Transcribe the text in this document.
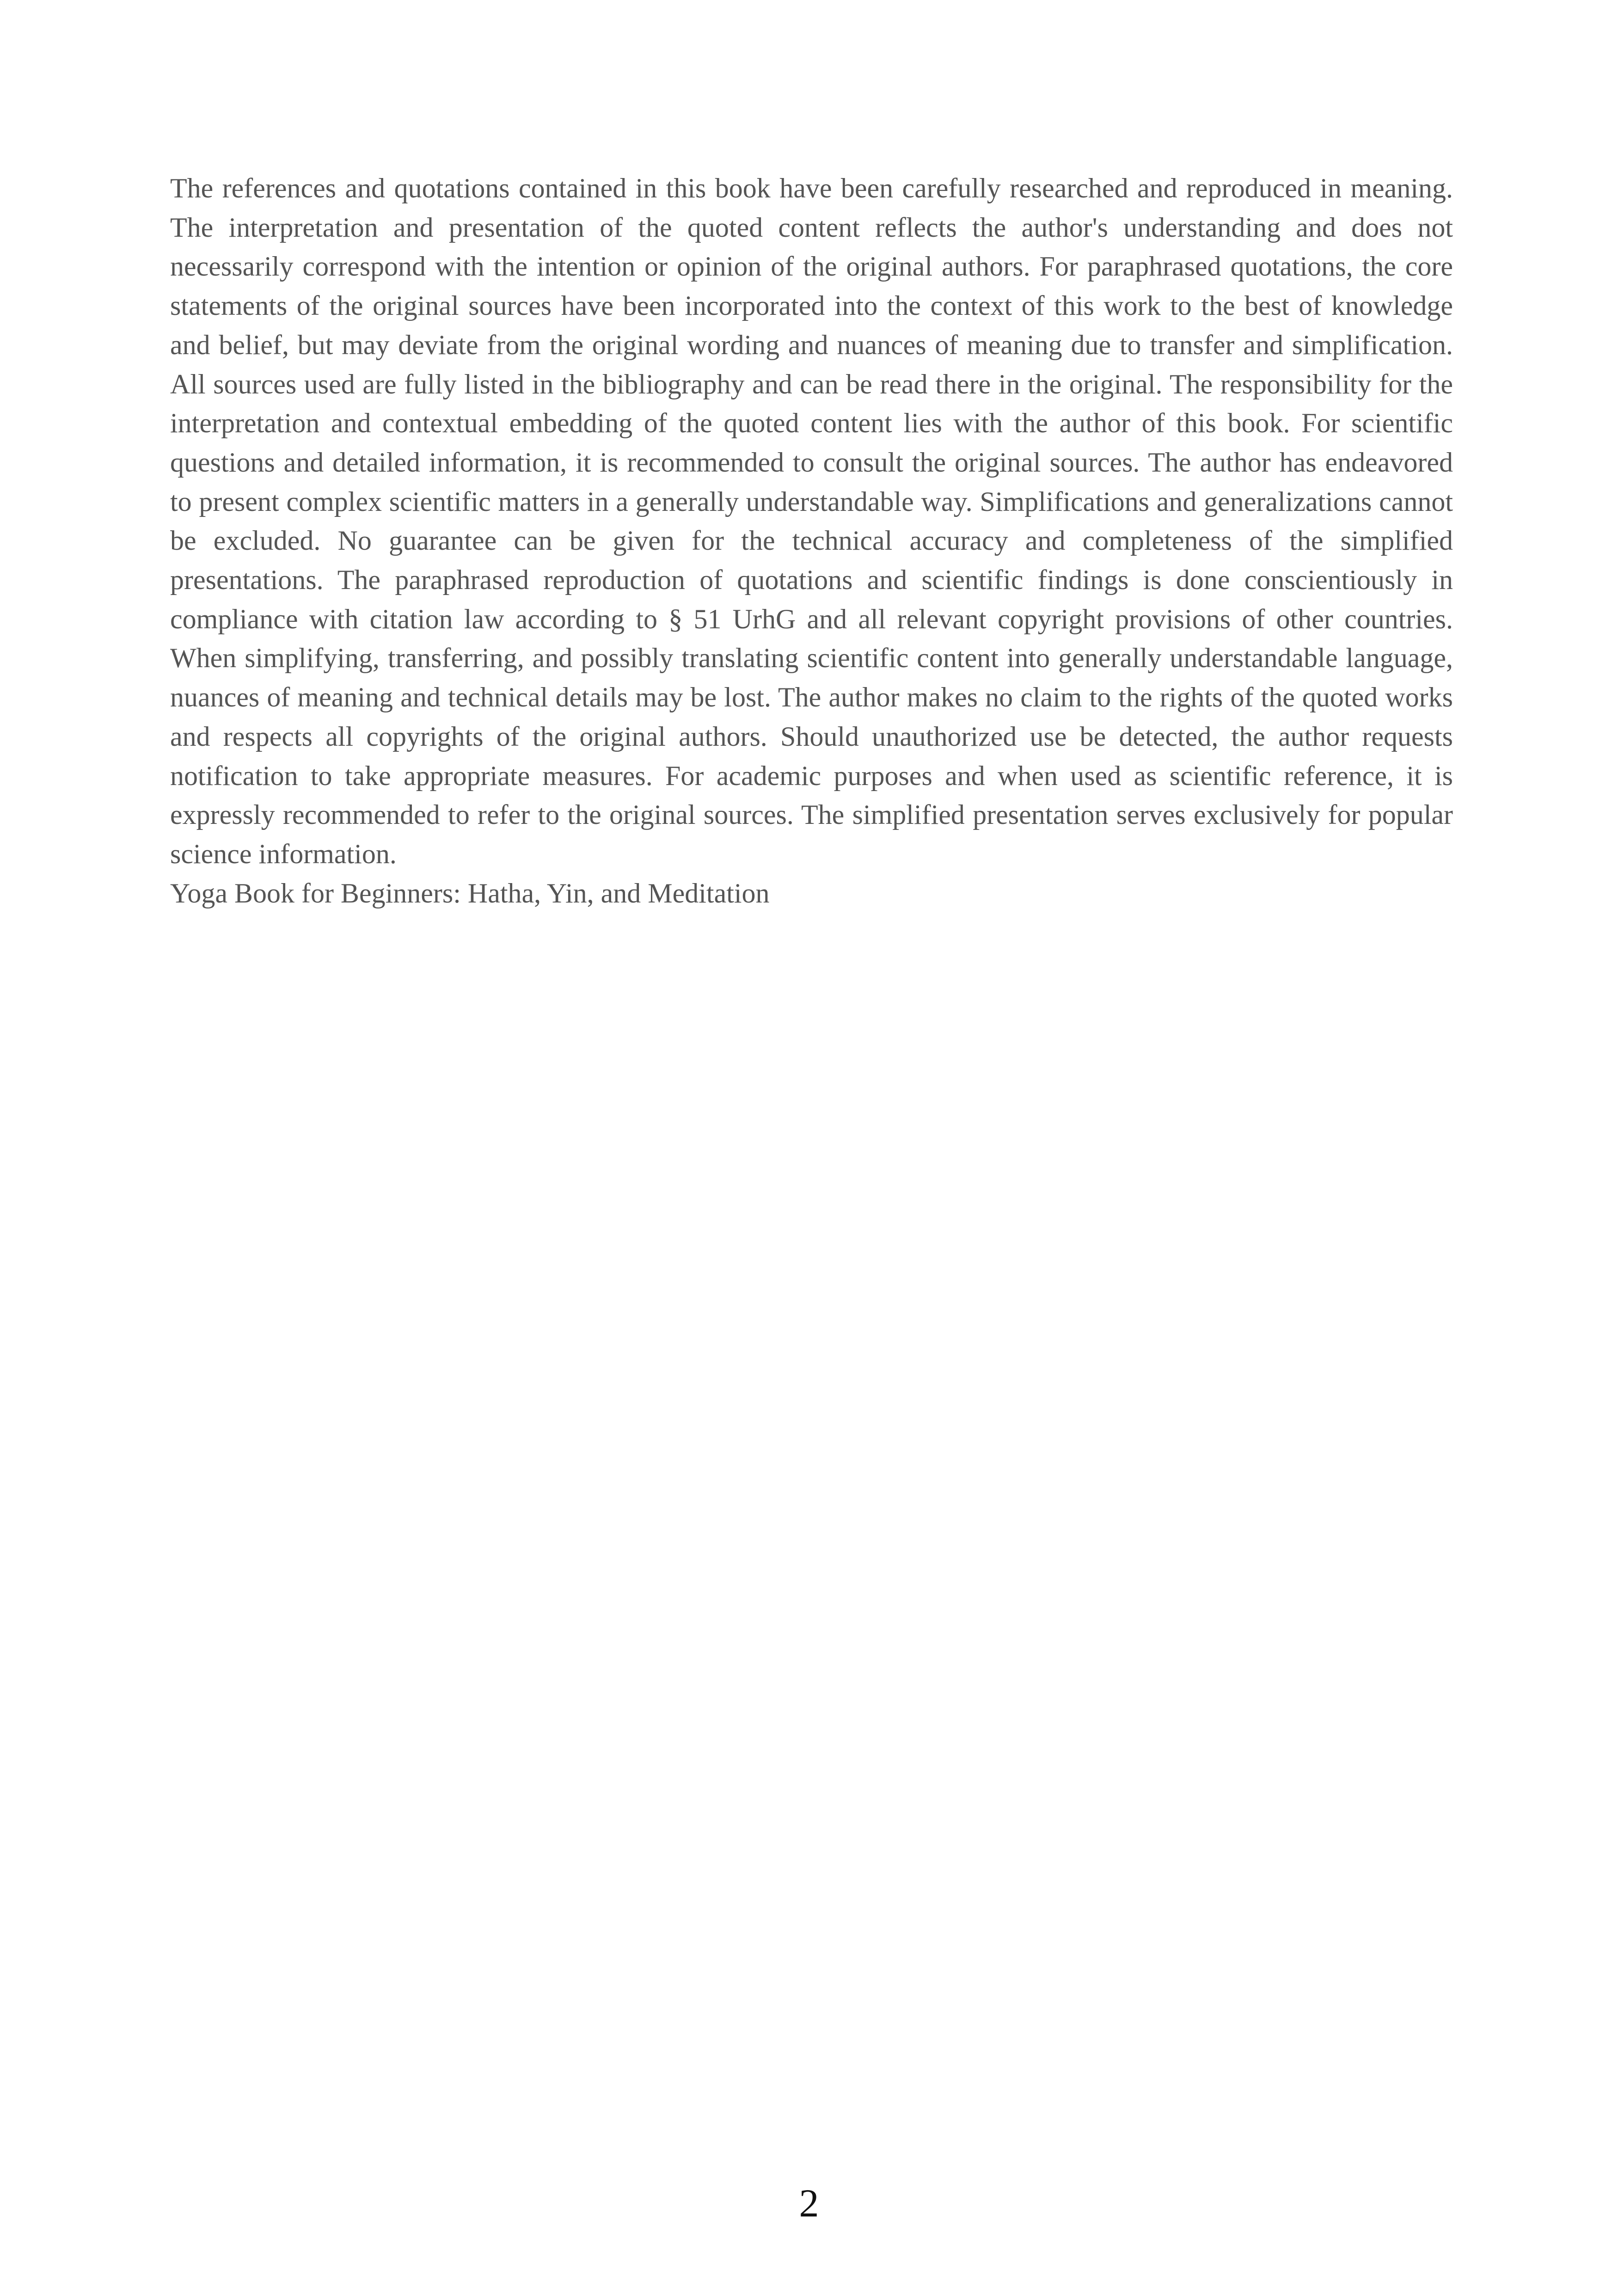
The references and quotations contained in this book have been carefully researched and reproduced in meaning. The interpretation and presentation of the quoted content reflects the author's understanding and does not necessarily correspond with the intention or opinion of the original authors. For paraphrased quotations, the core statements of the original sources have been incorporated into the context of this work to the best of knowledge and belief, but may deviate from the original wording and nuances of meaning due to transfer and simplification. All sources used are fully listed in the bibliography and can be read there in the original. The responsibility for the interpretation and contextual embedding of the quoted content lies with the author of this book. For scientific questions and detailed information, it is recommended to consult the original sources. The author has endeavored to present complex scientific matters in a generally understandable way. Simplifications and generalizations cannot be excluded. No guarantee can be given for the technical accuracy and completeness of the simplified presentations. The paraphrased reproduction of quotations and scientific findings is done conscientiously in compliance with citation law according to § 51 UrhG and all relevant copyright provisions of other countries. When simplifying, transferring, and possibly translating scientific content into generally understandable language, nuances of meaning and technical details may be lost. The author makes no claim to the rights of the quoted works and respects all copyrights of the original authors. Should unauthorized use be detected, the author requests notification to take appropriate measures. For academic purposes and when used as scientific reference, it is expressly recommended to refer to the original sources. The simplified presentation serves exclusively for popular science information.

Yoga Book for Beginners: Hatha, Yin, and Meditation

2
